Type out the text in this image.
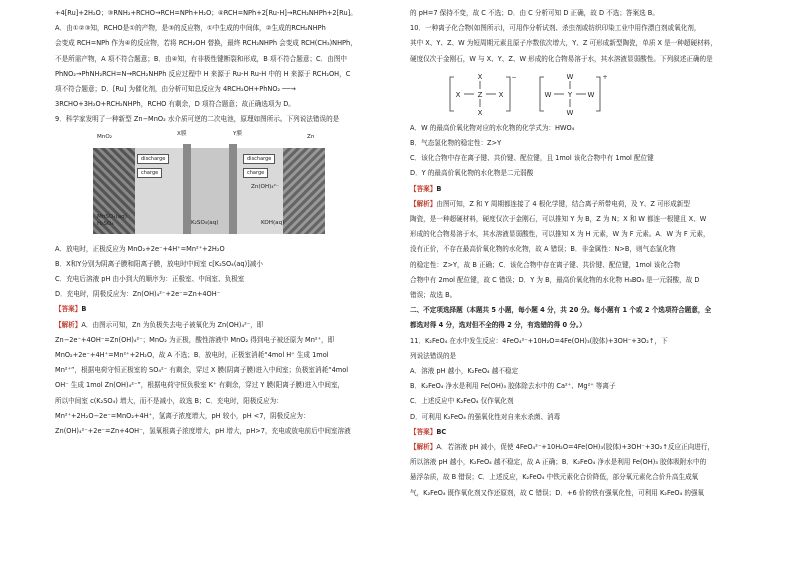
+4[Ru]+2H₂O；③RNH₂+RCHO→RCH=NPh+H₂O；④RCH=NPh+2[Ru-H]→RCH₂NHPh+2[Ru]。

A．由①②③知，RCHO是①的产物，是③的反应物，①中生成的中间体，②生成的RCH₂NHPh

会变成 RCH=NPh 作为④的反应物，若将 RCH₂OH 替换，最终 RCH₂NHPh 会变成 RCH(CH₃)NHPh，

不是所需产物，A 项不符合题意；B．由④知，有非极性键断裂和形成，B 项不符合题意；C．由图中

PhNO₂→PhNH₂RCH=N→RCH₂NHPh 反应过程中 H 来源于 Ru-H Ru-H 中的 H 来源于 RCH₂OH，C

项不符合题意；D．[Ru] 为催化剂，由分析可知总反应为 4RCH₂OH+PhNO₂ ──→

3RCHO+3H₂O+RCH₂NHPh，RCHO 有剩余，D 项符合题意；故正确选项为 D。

9．科学家发明了一种新型 Zn−MnO₂ 水介质可逆的二次电池，原理如图所示。下列说法错误的是

MnO₂	X膜	Y膜	Zn
discharge
charge
discharge
charge
Zn(OH)₄²⁻
MnSO₄(aq)
H₂SO₄	K₂SO₄(aq)	KOH(aq)

A．放电时，正极反应为 MnO₂+2e⁻+4H⁺=Mn²⁺+2H₂O

B．X和Y分别为阴离子膜和阳离子膜，放电时中间室 c[K₂SO₄(aq)]减小

C．充电后溶液 pH 由小到大的顺序为：正极室、中间室、负极室

D．充电时，阴极反应为：Zn(OH)₄²⁻+2e⁻=Zn+4OH⁻

【答案】B

【解析】A．由图示可知，Zn 为负极失去电子被氧化为 Zn(OH)₄²⁻，即

Zn−2e⁻+4OH⁻=Zn(OH)₄²⁻；MnO₂ 为正极，酸性溶液中 MnO₂ 得到电子被还原为 Mn²⁺，即

MnO₂+2e⁻+4H⁺=Mn²⁺+2H₂O，故 A 不选；B．放电时，正极室消耗“4mol H⁺ 生成 1mol

Mn²⁺”，根据电荷守恒正极室的 SO₄²⁻ 有剩余，穿过 X 膜(阴离子膜)进入中间室；负极室消耗“4mol

OH⁻ 生成 1mol Zn(OH)₄²⁻”，根据电荷守恒负极室 K⁺ 有剩余，穿过 Y 膜(阳离子膜)进入中间室，

所以中间室 c(K₂SO₄) 增大，而不是减小，故选 B；C．充电时，阳极反应为：

Mn²⁺+2H₂O−2e⁻=MnO₂+4H⁺，氢离子浓度增大，pH 较小，pH <7，阴极反应为：

Zn(OH)₄²⁻+2e⁻=Zn+4OH⁻，氢氧根离子浓度增大，pH 增大，pH>7，充电或放电前后中间室溶液

的 pH=7 保持不变，故 C 不选；D．由 C 分析可知 D 正确，故 D 不选；答案选 B。

10．一种离子化合物(如图所示)，可用作分析试剂、杀虫剂或纺织印染工业中用作漂白剂或氧化剂，

其中 X、Y、Z、W 为短周期元素且原子序数依次增大，Y、Z 可形成新型陶瓷，单质 X 是一种超硬材料，

硬度仅次于金刚石，W 与 X、Y、Z、W 形成的化合物易溶于水，其水溶液显弱酸性。下列叙述正确的是

X
Z
X
X	X
W
Y
W
W	W
−	+

A．W 的最高价氧化物对应的水化物的化学式为：HWO₄

B．气态氢化物的稳定性：Z>Y

C．该化合物中存在离子键、共价键、配位键，且 1mol 该化合物中有 1mol 配位键

D．Y 的最高价氧化物的水化物是二元弱酸

【答案】B

【解析】由图可知，Z 和 Y 周期都连接了 4 根化学键，结合离子所带电荷，及 Y、Z 可形成新型

陶瓷，是一种超硬材料，硬度仅次于金刚石，可以推知 Y 为 B，Z 为 N；X 和 W 都连一根键且 X、W

形成的化合物易溶于水，其水溶液显弱酸性，可以推知 X 为 H 元素，W 为 F 元素。A．W 为 F 元素，

没有正价，不存在最高价氧化物的水化物，故 A 错误；B．非金属性：N>B，则气态氢化物

的稳定性：Z>Y，故 B 正确；C．该化合物中存在离子键、共价键、配位键，1mol 该化合物

合物中有 2mol 配位键，故 C 错误；D．Y 为 B，最高价氧化物的水化物 H₃BO₃ 是一元弱酸，故 D

错误；故选 B。

二、不定项选择题（本题共 5 小题，每小题 4 分，共 20 分。每小题有 1 个或 2 个选项符合题意，全

都选对得 4 分，选对但不全的得 2 分，有选错的得 0 分。）

11．K₂FeO₄ 在水中发生反应：4FeO₄²⁻+10H₂O=4Fe(OH)₃(胶体)+3OH⁻+3O₂↑，下

列说法错误的是

A．溶液 pH 越小，K₂FeO₄ 越不稳定

B．K₂FeO₄ 净水是利用 Fe(OH)₃ 胶体除去水中的 Ca²⁺、Mg²⁺ 等离子

C．上述反应中 K₂FeO₄ 仅作氧化剂

D．可利用 K₂FeO₄ 的强氧化性对自来水杀菌、消毒

【答案】BC

【解析】A．若溶液 pH 减小，促使 4FeO₄²⁻+10H₂O=4Fe(OH)₃(胶体)+3OH⁻+3O₂↑反应正向进行，

所以溶液 pH 越小，K₂FeO₄ 越不稳定，故 A 正确；B．K₂FeO₄ 净水是利用 Fe(OH)₃ 胶体吸附水中的

悬浮杂质，故 B 错误；C．上述反应，K₂FeO₄ 中铁元素化合价降低，部分氧元素化合价升高生成氧

气，K₂FeO₄ 既作氧化剂又作还原剂，故 C 错误；D．+6 价的铁有强氧化性，可利用 K₂FeO₄ 的强氧
